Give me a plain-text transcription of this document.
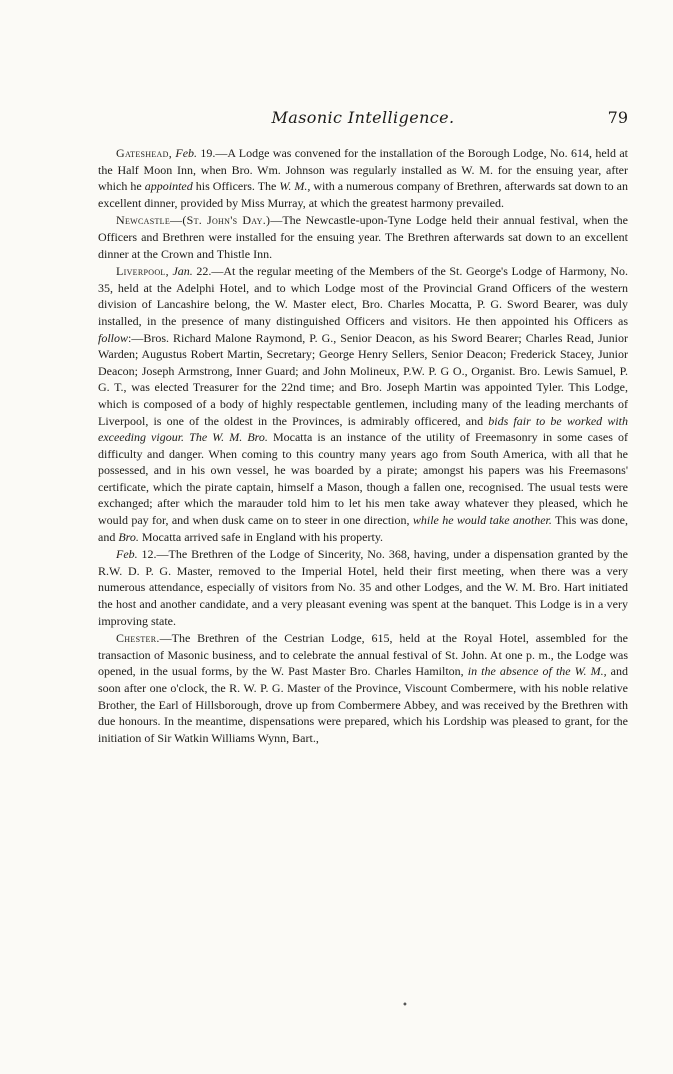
Masonic Intelligence.	79

Gateshead, Feb. 19.—A Lodge was convened for the installation of the Borough Lodge, No. 614, held at the Half Moon Inn, when Bro. Wm. Johnson was regularly installed as W. M. for the ensuing year, after which he appointed his Officers. The W. M., with a numerous company of Brethren, afterwards sat down to an excellent dinner, provided by Miss Murray, at which the greatest harmony prevailed.

Newcastle—(St. John's Day.)—The Newcastle-upon-Tyne Lodge held their annual festival, when the Officers and Brethren were installed for the ensuing year. The Brethren afterwards sat down to an excellent dinner at the Crown and Thistle Inn.

Liverpool, Jan. 22.—At the regular meeting of the Members of the St. George's Lodge of Harmony, No. 35, held at the Adelphi Hotel, and to which Lodge most of the Provincial Grand Officers of the western division of Lancashire belong, the W. Master elect, Bro. Charles Mocatta, P. G. Sword Bearer, was duly installed, in the presence of many distinguished Officers and visitors. He then appointed his Officers as follow:—Bros. Richard Malone Raymond, P. G., Senior Deacon, as his Sword Bearer; Charles Read, Junior Warden; Augustus Robert Martin, Secretary; George Henry Sellers, Senior Deacon; Frederick Stacey, Junior Deacon; Joseph Armstrong, Inner Guard; and John Molineux, P.W. P. G O., Organist. Bro. Lewis Samuel, P. G. T., was elected Treasurer for the 22nd time; and Bro. Joseph Martin was appointed Tyler. This Lodge, which is composed of a body of highly respectable gentlemen, including many of the leading merchants of Liverpool, is one of the oldest in the Provinces, is admirably officered, and bids fair to be worked with exceeding vigour. The W. M. Bro. Mocatta is an instance of the utility of Freemasonry in some cases of difficulty and danger. When coming to this country many years ago from South America, with all that he possessed, and in his own vessel, he was boarded by a pirate; amongst his papers was his Freemasons' certificate, which the pirate captain, himself a Mason, though a fallen one, recognised. The usual tests were exchanged; after which the marauder told him to let his men take away whatever they pleased, which he would pay for, and when dusk came on to steer in one direction, while he would take another. This was done, and Bro. Mocatta arrived safe in England with his property.

Feb. 12.—The Brethren of the Lodge of Sincerity, No. 368, having, under a dispensation granted by the R.W. D. P. G. Master, removed to the Imperial Hotel, held their first meeting, when there was a very numerous attendance, especially of visitors from No. 35 and other Lodges, and the W. M. Bro. Hart initiated the host and another candidate, and a very pleasant evening was spent at the banquet. This Lodge is in a very improving state.

Chester.—The Brethren of the Cestrian Lodge, 615, held at the Royal Hotel, assembled for the transaction of Masonic business, and to celebrate the annual festival of St. John. At one p. m., the Lodge was opened, in the usual forms, by the W. Past Master Bro. Charles Hamilton, in the absence of the W. M., and soon after one o'clock, the R. W. P. G. Master of the Province, Viscount Combermere, with his noble relative Brother, the Earl of Hillsborough, drove up from Combermere Abbey, and was received by the Brethren with due honours. In the meantime, dispensations were prepared, which his Lordship was pleased to grant, for the initiation of Sir Watkin Williams Wynn, Bart.,

•
